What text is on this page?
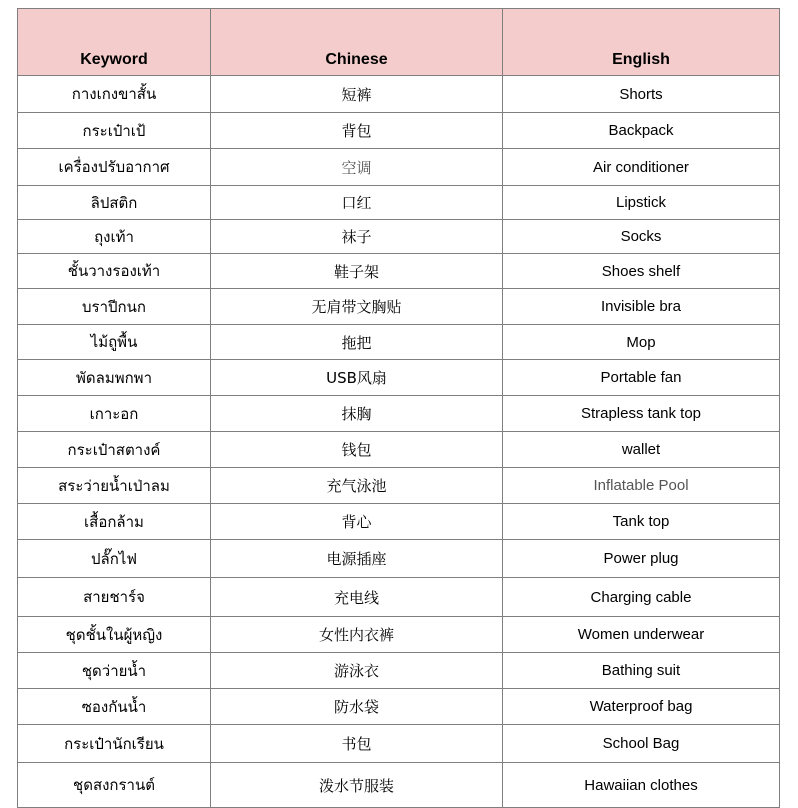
Keyword	Chinese	English
กางเกงขาสั้น	短裤	Shorts
กระเป๋าเป้	背包	Backpack
เครื่องปรับอากาศ	空调	Air conditioner
ลิปสติก	口红	Lipstick
ถุงเท้า	袜子	Socks
ชั้นวางรองเท้า	鞋子架	Shoes shelf
บราปีกนก	无肩带文胸贴	Invisible bra
ไม้ถูพื้น	拖把	Mop
พัดลมพกพา	USB风扇	Portable fan
เกาะอก	抹胸	Strapless tank top
กระเป๋าสตางค์	钱包	wallet
สระว่ายน้ำเป่าลม	充气泳池	Inflatable Pool
เสื้อกล้าม	背心	Tank top
ปลั๊กไฟ	电源插座	Power plug
สายชาร์จ	充电线	Charging cable
ชุดชั้นในผู้หญิง	女性内衣裤	Women underwear
ชุดว่ายน้ำ	游泳衣	Bathing suit
ซองกันน้ำ	防水袋	Waterproof bag
กระเป๋านักเรียน	书包	School Bag
ชุดสงกรานต์	泼水节服装	Hawaiian clothes
